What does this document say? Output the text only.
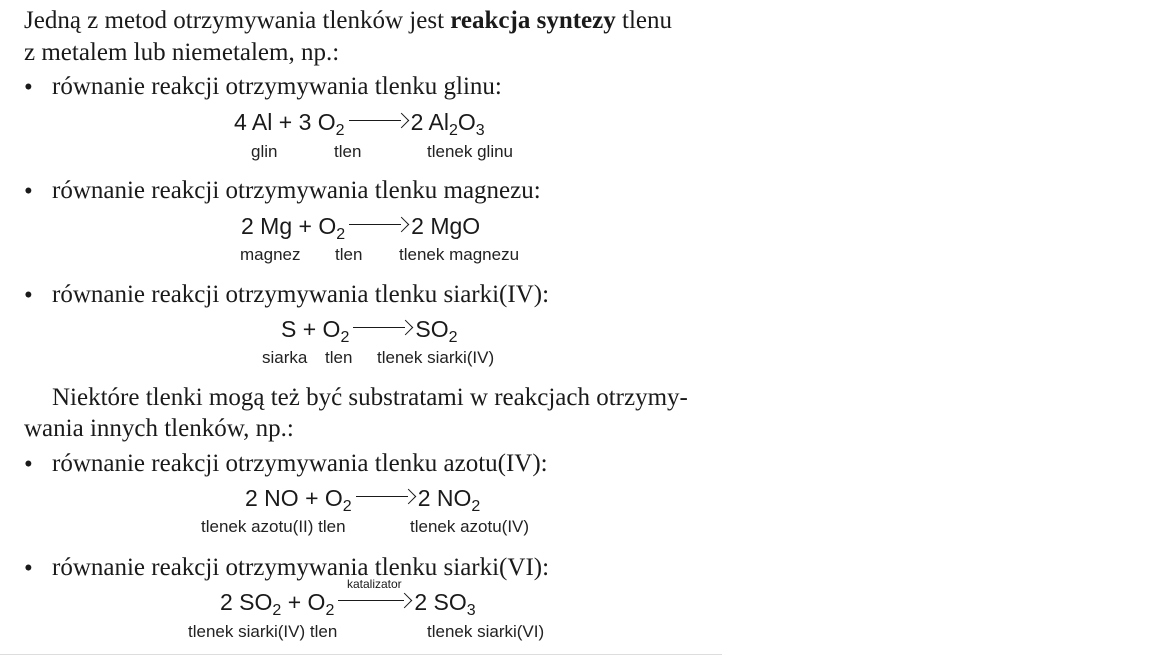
Jedną z metod otrzymywania tlenków jest reakcja syntezy tlenu
z metalem lub niemetalem, np.:
• równanie reakcji otrzymywania tlenku glinu:
4 Al + 3 $O_2 \to 2$ $Al_2O_3$
glin	tlen	tlenek glinu
• równanie reakcji otrzymywania tlenku magnezu:
2 $Mg + O_2 \to 2$ MgO
magnez tlen tlenek magnezu
• równanie reakcji otrzymywania tlenku siarki(IV):
$S + O_2 \to SO_2$
siarka tlen tlenek siarki(IV)
Niektóre tlenki mogą też być substratami w reakcjach otrzymy-
wania innych tlenków, np.:
• równanie reakcji otrzymywania tlenku azotu(IV):
2 NO + $O_2 \to 2$ $NO_2$
tlenek azotu(II) tlen	tlenek azotu(IV)
• równanie reakcji otrzymywania tlenku siarki(VI):
2 $SO_2 + O_2$
katalizator
2 $SO_3$
tlenek siarki(IV) tlen	tlenek siarki(VI)
